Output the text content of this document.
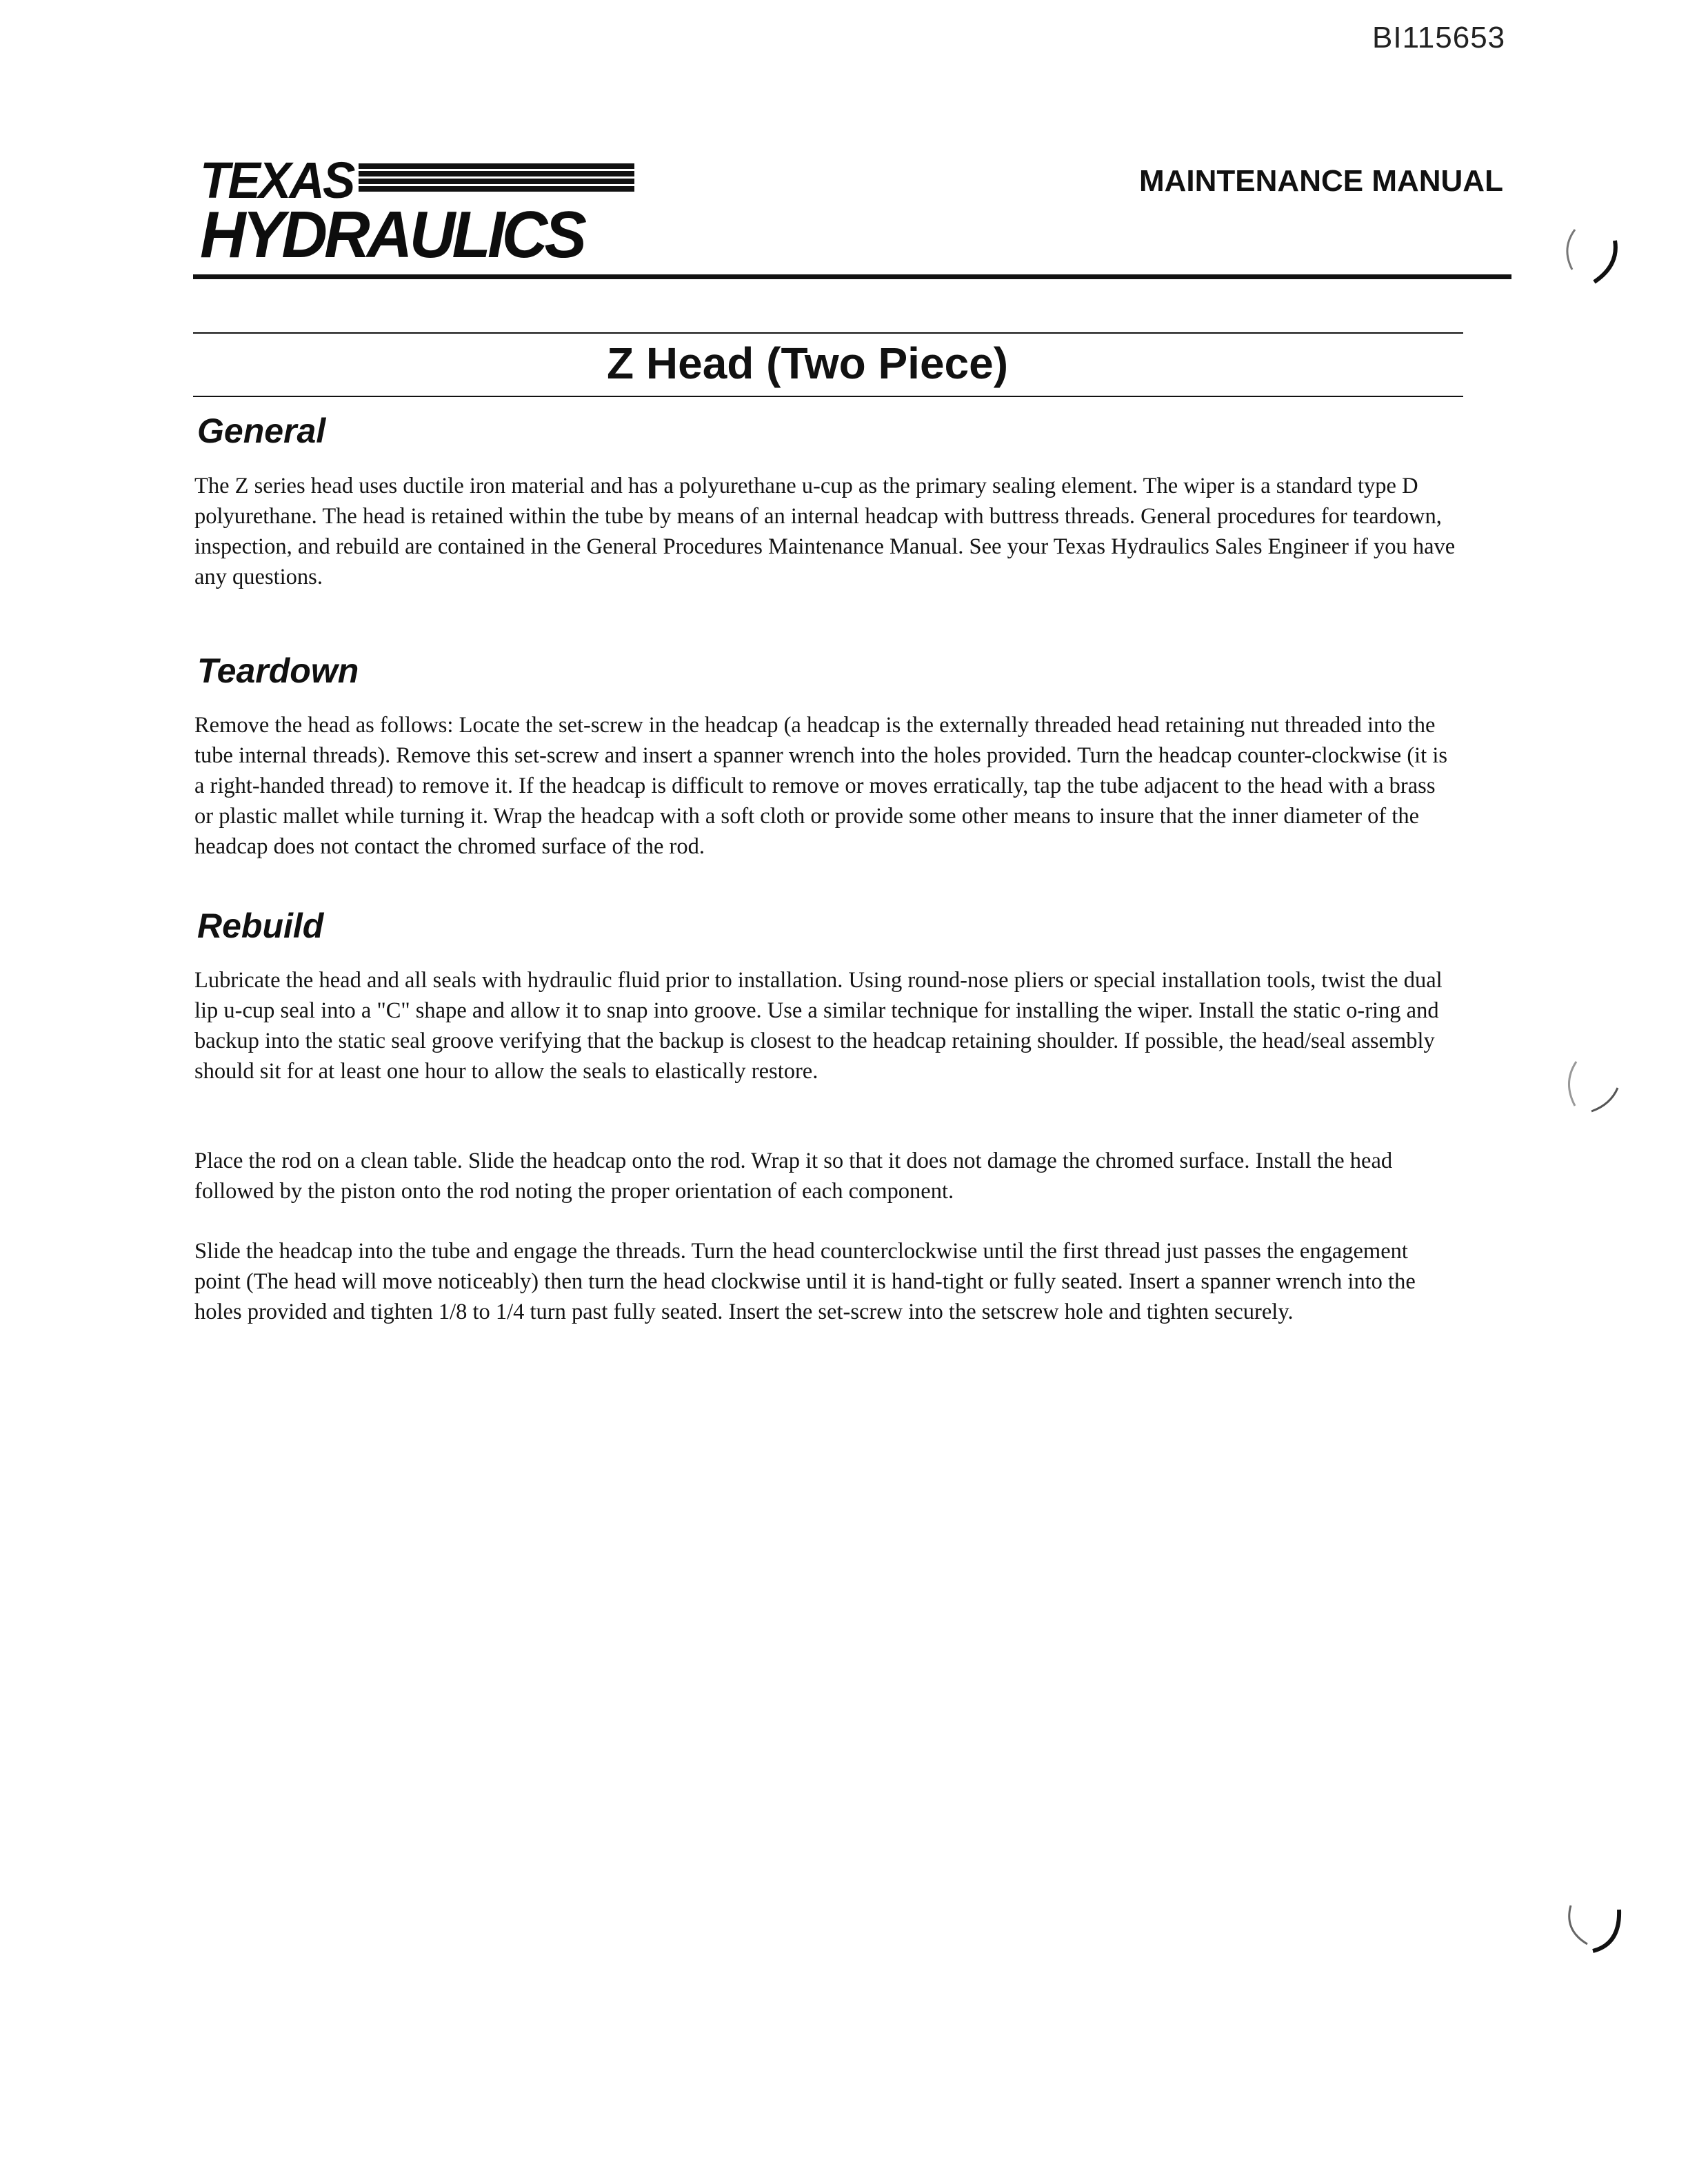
BI115653
TEXAS
HYDRAULICS
MAINTENANCE MANUAL
Z Head (Two Piece)
General

The Z series head uses ductile iron material and has a polyurethane u-cup as the primary sealing element. The wiper is a standard type D polyurethane. The head is retained within the tube by means of an internal headcap with buttress threads. General procedures for teardown, inspection, and rebuild are contained in the General Procedures Maintenance Manual. See your Texas Hydraulics Sales Engineer if you have any questions.

Teardown

Remove the head as follows: Locate the set-screw in the headcap (a headcap is the externally threaded head retaining nut threaded into the tube internal threads). Remove this set-screw and insert a spanner wrench into the holes provided. Turn the headcap counter-clockwise (it is a right-handed thread) to remove it. If the headcap is difficult to remove or moves erratically, tap the tube adjacent to the head with a brass or plastic mallet while turning it. Wrap the headcap with a soft cloth or provide some other means to insure that the inner diameter of the headcap does not contact the chromed surface of the rod.

Rebuild

Lubricate the head and all seals with hydraulic fluid prior to installation. Using round-nose pliers or special installation tools, twist the dual lip u-cup seal into a "C" shape and allow it to snap into groove. Use a similar technique for installing the wiper. Install the static o-ring and backup into the static seal groove verifying that the backup is closest to the headcap retaining shoulder. If possible, the head/seal assembly should sit for at least one hour to allow the seals to elastically restore.

Place the rod on a clean table. Slide the headcap onto the rod. Wrap it so that it does not damage the chromed surface. Install the head followed by the piston onto the rod noting the proper orientation of each component.

Slide the headcap into the tube and engage the threads. Turn the head counterclockwise until the first thread just passes the engagement point (The head will move noticeably) then turn the head clockwise until it is hand-tight or fully seated. Insert a spanner wrench into the holes provided and tighten 1/8 to 1/4 turn past fully seated. Insert the set-screw into the setscrew hole and tighten securely.
